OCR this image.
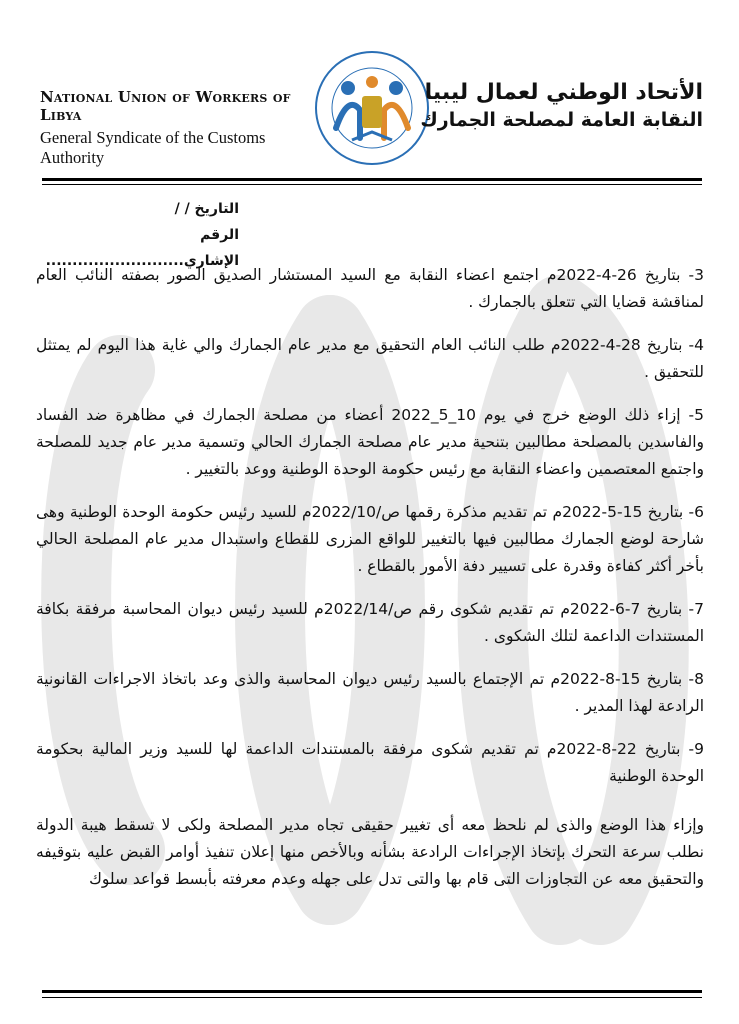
National Union of Workers of Libya
General Syndicate of the Customs Authority
الأتحاد الوطني لعمال ليبيا
النقابة العامة لمصلحة الجمارك
التاريخ / /
الرقم الإشاري..........................

3- بتاريخ 26-4-2022م اجتمع اعضاء النقابة مع السيد المستشار الصديق الصور بصفته النائب العام لمناقشة قضايا التي تتعلق بالجمارك .

4- بتاريخ 28-4-2022م طلب النائب العام التحقيق مع مدير عام الجمارك والي غاية هذا اليوم لم يمتثل للتحقيق .

5- إزاء ذلك الوضع خرج في يوم 10_5_2022 أعضاء من مصلحة الجمارك في مظاهرة ضد الفساد والفاسدين بالمصلحة مطالبين بتنحية مدير عام مصلحة الجمارك الحالي وتسمية مدير عام جديد للمصلحة واجتمع المعتصمين واعضاء النقابة مع رئيس حكومة الوحدة الوطنية ووعد بالتغيير .

6- بتاريخ 15-5-2022م تم تقديم مذكرة رقمها ص/2022/10م للسيد رئيس حكومة الوحدة الوطنية وهى شارحة لوضع الجمارك مطالبين فيها بالتغيير للواقع المزرى للقطاع واستبدال مدير عام المصلحة الحالي بأخر أكثر كفاءة وقدرة على تسيير دفة الأمور بالقطاع .

7- بتاريخ 7-6-2022م تم تقديم شكوى رقم ص/2022/14م للسيد رئيس ديوان المحاسبة مرفقة بكافة المستندات الداعمة لتلك الشكوى .

8- بتاريخ 15-8-2022م تم الإجتماع بالسيد رئيس ديوان المحاسبة والذى وعد باتخاذ الاجراءات القانونية الرادعة لهذا المدير .

9- بتاريخ 22-8-2022م تم تقديم شكوى مرفقة بالمستندات الداعمة لها للسيد وزير المالية بحكومة الوحدة الوطنية

وإزاء هذا الوضع والذى لم نلحظ معه أى تغيير حقيقى تجاه مدير المصلحة ولكى لا تسقط هيبة الدولة نطلب سرعة التحرك بإتخاذ الإجراءات الرادعة بشأنه وبالأخص منها إعلان تنفيذ أوامر القبض عليه بتوقيفه والتحقيق معه عن التجاوزات التى قام بها والتى تدل على جهله وعدم معرفته بأبسط قواعد سلوك
